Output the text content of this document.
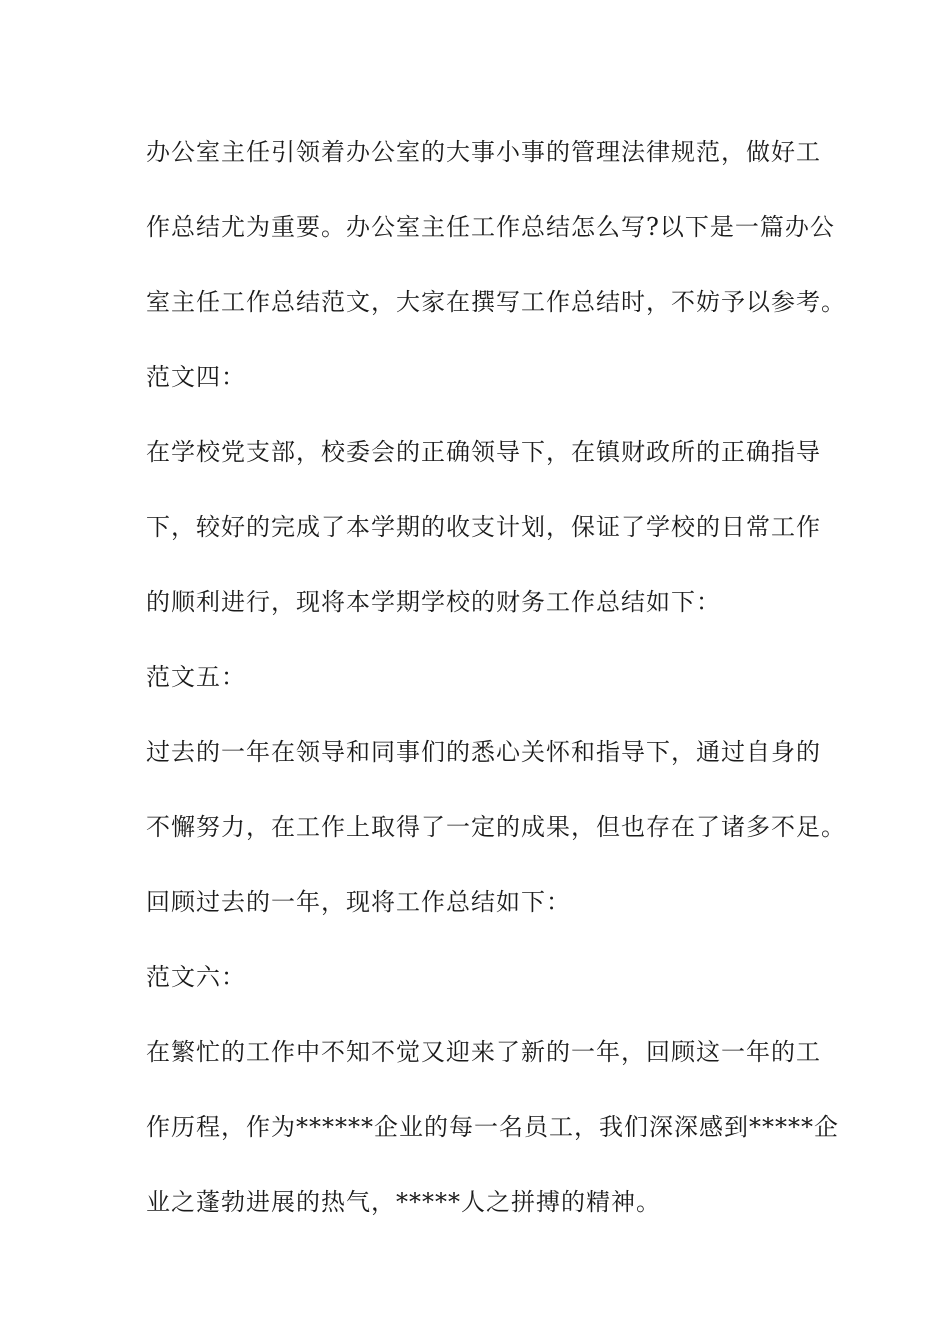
办公室主任引领着办公室的大事小事的管理法律规范，做好工
作总结尤为重要。办公室主任工作总结怎么写?以下是一篇办公
室主任工作总结范文，大家在撰写工作总结时，不妨予以参考。
范文四：
在学校党支部，校委会的正确领导下，在镇财政所的正确指导
下，较好的完成了本学期的收支计划，保证了学校的日常工作
的顺利进行，现将本学期学校的财务工作总结如下：
范文五：
过去的一年在领导和同事们的悉心关怀和指导下，通过自身的
不懈努力，在工作上取得了一定的成果，但也存在了诸多不足。
回顾过去的一年，现将工作总结如下：
范文六：
在繁忙的工作中不知不觉又迎来了新的一年，回顾这一年的工
作历程，作为******企业的每一名员工，我们深深感到*****企
业之蓬勃进展的热气，*****人之拼搏的精神。
